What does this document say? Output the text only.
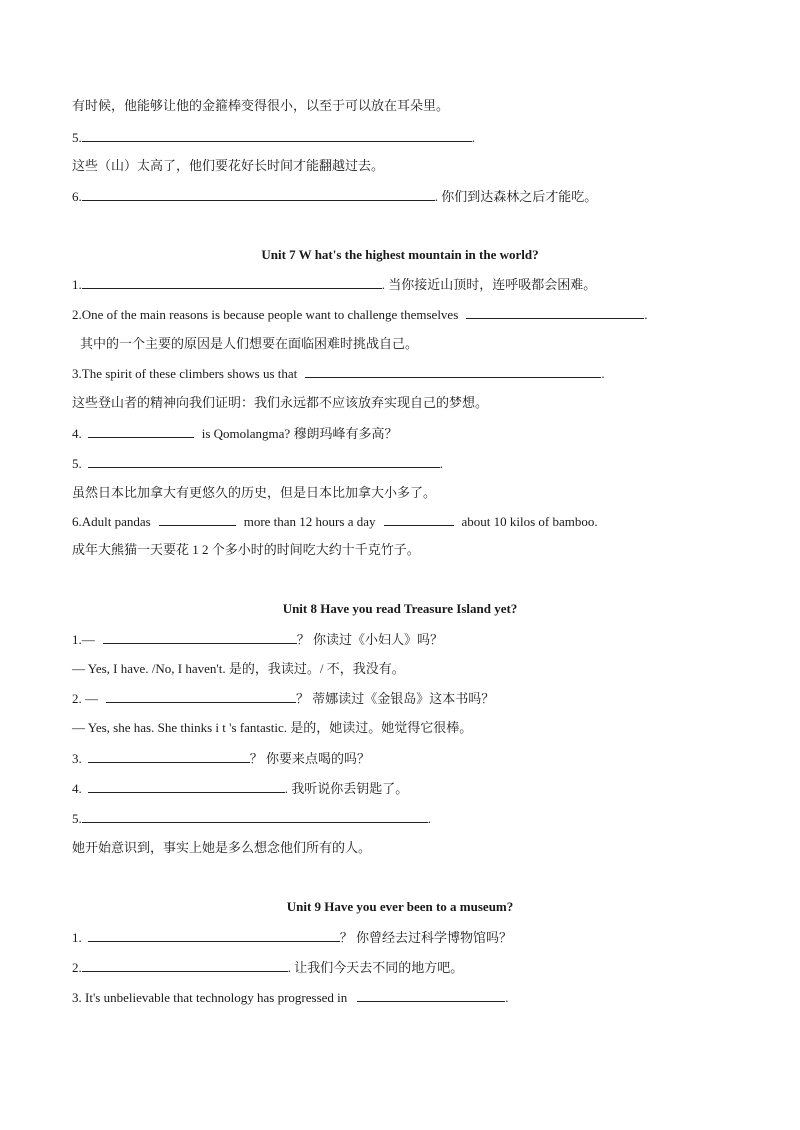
有时候，他能够让他的金箍棒变得很小，以至于可以放在耳朵里。
5.	.
这些（山）太高了，他们要花好长时间才能翻越过去。
6.	. 你们到达森林之后才能吃。
Unit 7 W hat's the highest mountain in the world?
1.	. 当你接近山顶时，连呼吸都会困难。
2.One of the main reasons is because people want to challenge themselves	.
其中的一个主要的原因是人们想要在面临困难时挑战自己。
3.The spirit of these climbers shows us that	.
这些登山者的精神向我们证明：我们永远都不应该放弃实现自己的梦想。
4.	is Qomolangma? 穆朗玛峰有多高？
5.	.
虽然日本比加拿大有更悠久的历史，但是日本比加拿大小多了。
6.Adult pandas	more than 12 hours a day	about 10 kilos of bamboo.
成年大熊猫一天要花 1 2 个多小时的时间吃大约十千克竹子。
Unit 8 Have you read Treasure Island yet?
1.—	？ 你读过《小妇人》吗？
— Yes, I have. /No, I haven't. 是的，我读过。/ 不，我没有。
2. —	？ 蒂娜读过《金银岛》这本书吗？
— Yes, she has. She thinks i t 's fantastic. 是的，她读过。她觉得它很棒。
3.	？ 你要来点喝的吗？
4.	. 我听说你丢钥匙了。
5.	.
她开始意识到，事实上她是多么想念他们所有的人。
Unit 9 Have you ever been to a museum?
1.	？ 你曾经去过科学博物馆吗？
2.	. 让我们今天去不同的地方吧。
3. It's unbelievable that technology has progressed in	.
